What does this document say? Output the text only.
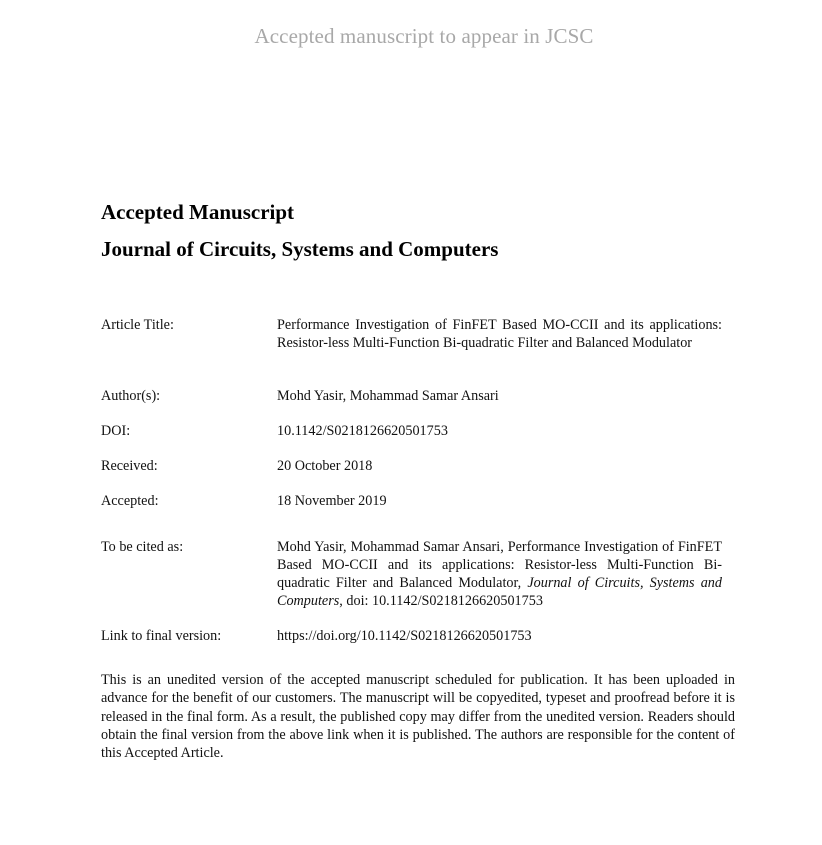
Accepted manuscript to appear in JCSC
Accepted Manuscript
Journal of Circuits, Systems and Computers
Article Title:	Performance Investigation of FinFET Based MO-CCII and its applications: Resistor-less Multi-Function Bi-quadratic Filter and Balanced Modulator
Author(s):	Mohd Yasir, Mohammad Samar Ansari
DOI:	10.1142/S0218126620501753
Received:	20 October 2018
Accepted:	18 November 2019
To be cited as:	Mohd Yasir, Mohammad Samar Ansari, Performance Investigation of FinFET Based MO-CCII and its applications: Resistor-less Multi-Function Bi-quadratic Filter and Balanced Modulator, Journal of Circuits, Systems and Computers, doi: 10.1142/S0218126620501753
Link to final version:	https://doi.org/10.1142/S0218126620501753
This is an unedited version of the accepted manuscript scheduled for publication. It has been uploaded in advance for the benefit of our customers. The manuscript will be copyedited, typeset and proofread before it is released in the final form. As a result, the published copy may differ from the unedited version. Readers should obtain the final version from the above link when it is published. The authors are responsible for the content of this Accepted Article.
